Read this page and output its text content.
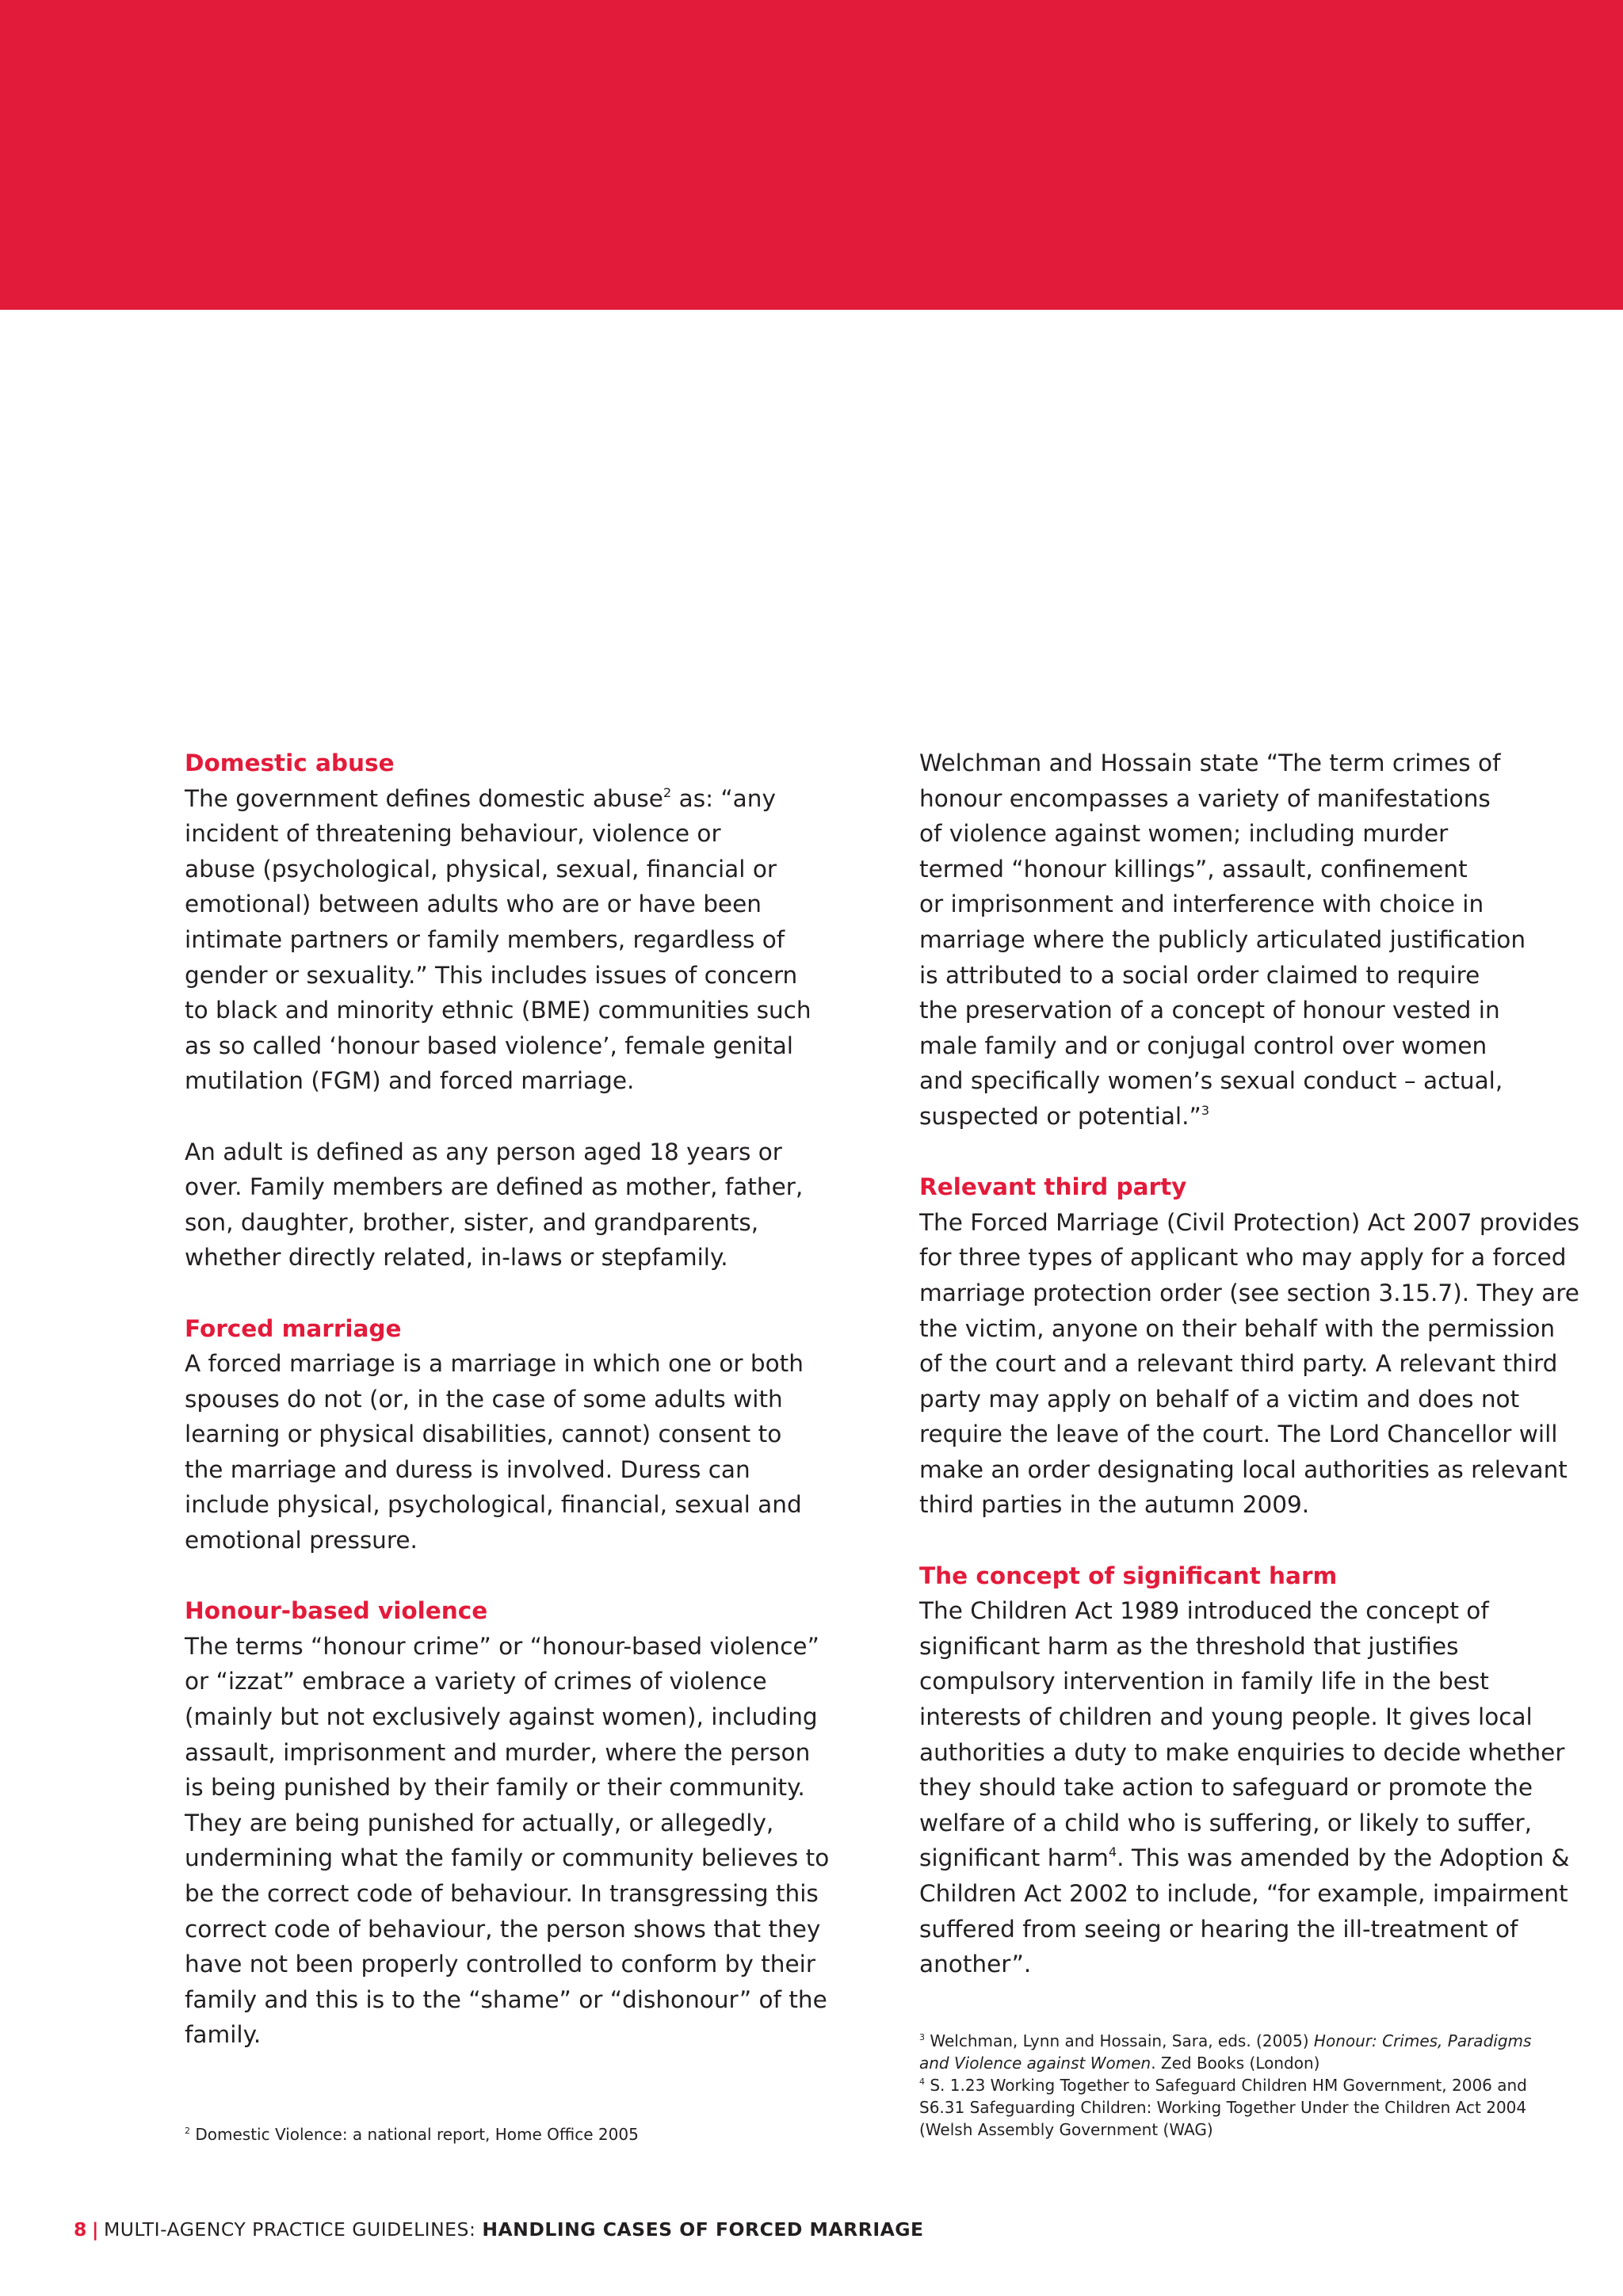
Domestic abuse
The government defines domestic abuse$^2$ as: “any
incident of threatening behaviour, violence or
abuse (psychological, physical, sexual, financial or
emotional) between adults who are or have been
intimate partners or family members, regardless of
gender or sexuality.” This includes issues of concern
to black and minority ethnic (BME) communities such
as so called ‘honour based violence’, female genital
mutilation (FGM) and forced marriage.
An adult is defined as any person aged 18 years or
over. Family members are defined as mother, father,
son, daughter, brother, sister, and grandparents,
whether directly related, in-laws or stepfamily.
Forced marriage
A forced marriage is a marriage in which one or both
spouses do not (or, in the case of some adults with
learning or physical disabilities, cannot) consent to
the marriage and duress is involved. Duress can
include physical, psychological, financial, sexual and
emotional pressure.
Honour-based violence
The terms “honour crime” or “honour-based violence”
or “izzat” embrace a variety of crimes of violence
(mainly but not exclusively against women), including
assault, imprisonment and murder, where the person
is being punished by their family or their community.
They are being punished for actually, or allegedly,
undermining what the family or community believes to
be the correct code of behaviour. In transgressing this
correct code of behaviour, the person shows that they
have not been properly controlled to conform by their
family and this is to the “shame” or “dishonour” of the
family.
Welchman and Hossain state “The term crimes of
honour encompasses a variety of manifestations
of violence against women; including murder
termed “honour killings”, assault, confinement
or imprisonment and interference with choice in
marriage where the publicly articulated justification
is attributed to a social order claimed to require
the preservation of a concept of honour vested in
male family and or conjugal control over women
and specifically women’s sexual conduct – actual,
suspected or potential.”$^3$
Relevant third party
The Forced Marriage (Civil Protection) Act 2007 provides
for three types of applicant who may apply for a forced
marriage protection order (see section 3.15.7). They are
the victim, anyone on their behalf with the permission
of the court and a relevant third party. A relevant third
party may apply on behalf of a victim and does not
require the leave of the court. The Lord Chancellor will
make an order designating local authorities as relevant
third parties in the autumn 2009.
The concept of significant harm
The Children Act 1989 introduced the concept of
significant harm as the threshold that justifies
compulsory intervention in family life in the best
interests of children and young people. It gives local
authorities a duty to make enquiries to decide whether
they should take action to safeguard or promote the
welfare of a child who is suffering, or likely to suffer,
significant harm$^4$. This was amended by the Adoption &
Children Act 2002 to include, “for example, impairment
suffered from seeing or hearing the ill-treatment of
another”.
$^2$ Domestic Violence: a national report, Home Office 2005
$^3$ Welchman, Lynn and Hossain, Sara, eds. (2005) Honour: Crimes, Paradigms
and Violence against Women. Zed Books (London)
$^4$ S. 1.23 Working Together to Safeguard Children HM Government, 2006 and
S6.31 Safeguarding Children: Working Together Under the Children Act 2004
(Welsh Assembly Government (WAG)
8 | MULTI-AGENCY PRACTICE GUIDELINES: HANDLING CASES OF FORCED MARRIAGE
